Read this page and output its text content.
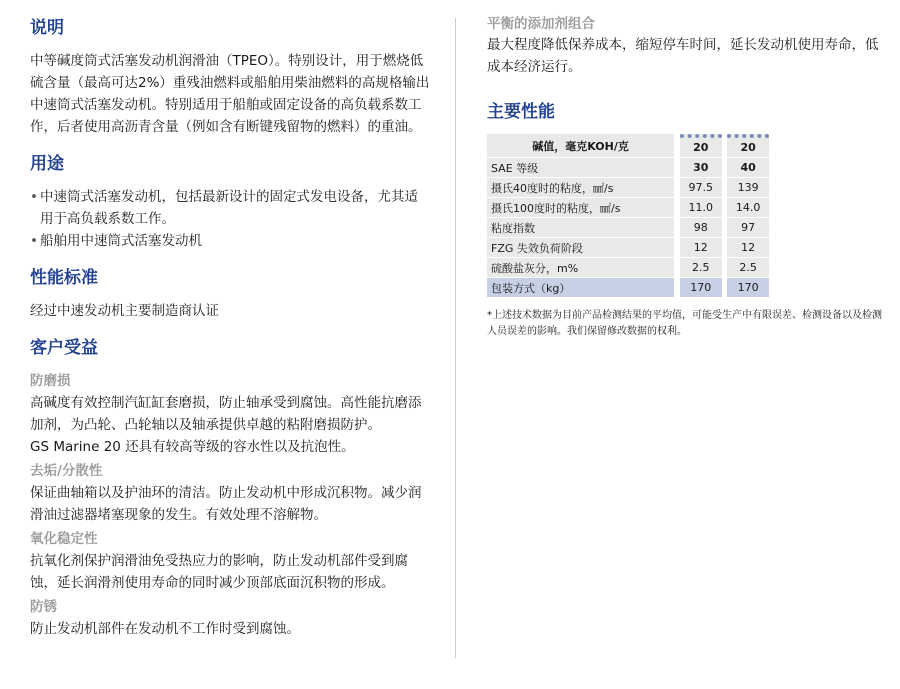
说明

中等碱度筒式活塞发动机润滑油（TPEO）。特别设计，用于燃烧低硫含量（最高可达2%）重残油燃料或船舶用柴油燃料的高规格输出中速筒式活塞发动机。特别适用于船舶或固定设备的高负载系数工作，后者使用高沥青含量（例如含有断键残留物的燃料）的重油。

用途
• 中速筒式活塞发动机，包括最新设计的固定式发电设备，尤其适用于高负载系数工作。
• 船舶用中速筒式活塞发动机
性能标准

经过中速发动机主要制造商认证

客户受益
防磨损

高碱度有效控制汽缸缸套磨损，防止轴承受到腐蚀。高性能抗磨添加剂，为凸轮、凸轮轴以及轴承提供卓越的粘附磨损防护。

GS Marine 20 还具有较高等级的容水性以及抗泡性。

去垢/分散性

保证曲轴箱以及护油环的清洁。防止发动机中形成沉积物。减少润滑油过滤器堵塞现象的发生。有效处理不溶解物。

氧化稳定性

抗氧化剂保护润滑油免受热应力的影响，防止发动机部件受到腐蚀，延长润滑剂使用寿命的同时减少顶部底面沉积物的形成。

防锈

防止发动机部件在发动机不工作时受到腐蚀。

平衡的添加剂组合

最大程度降低保养成本，缩短停车时间，延长发动机使用寿命，低成本经济运行。

主要性能
碱值，毫克KOH/克		20		20
SAE 等级		30		40
摄氏40度时的粘度，㎟/s		97.5		139
摄氏100度时的粘度，㎟/s		11.0		14.0
粘度指数		98		97
FZG 失效负荷阶段		12		12
硫酸盐灰分，m%		2.5		2.5
包装方式（kg）		170		170
*上述技术数据为目前产品检测结果的平均值，可能受生产中有限误差、检测设备以及检测人员误差的影响。我们保留修改数据的权利。
